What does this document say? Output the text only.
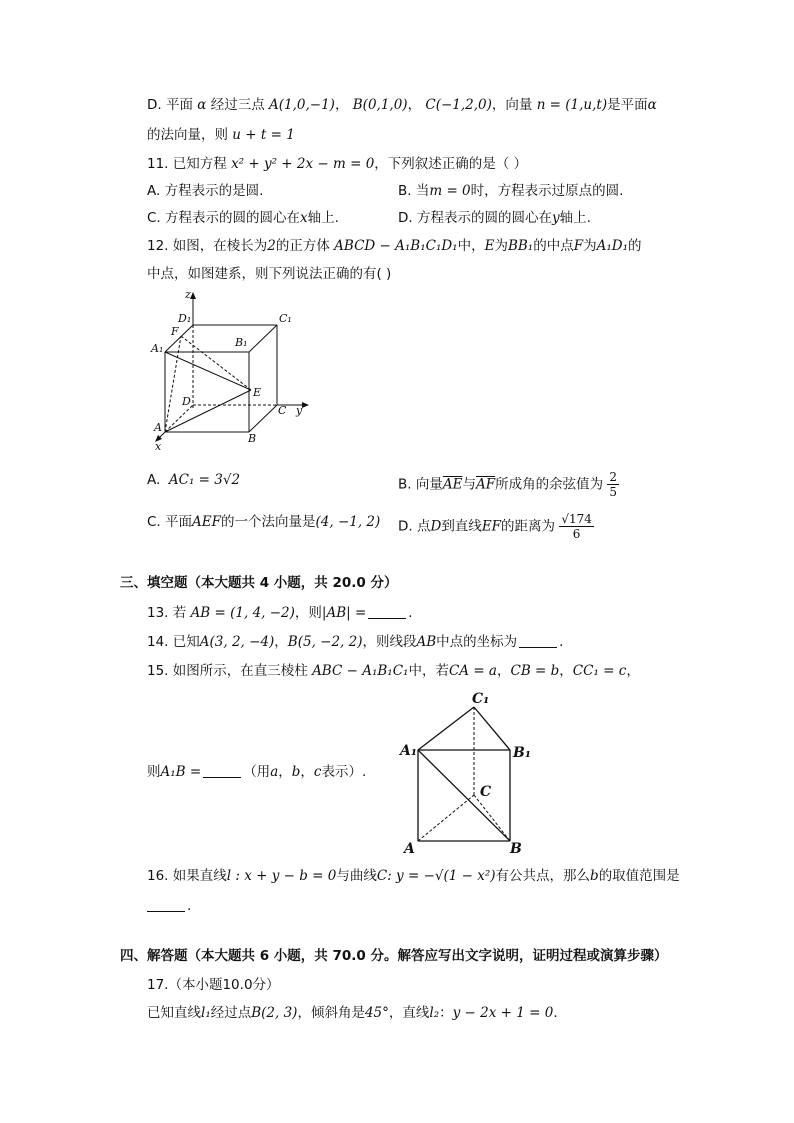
D. 平面 α 经过三点 A(1,0,−1)， B(0,1,0)， C(−1,2,0)，向量 n = (1,u,t)是平面α
的法向量，则 u + t = 1
11. 已知方程 x² + y² + 2x − m = 0，下列叙述正确的是（ ）
A. 方程表示的是圆.	B. 当m = 0时，方程表示过原点的圆.
C. 方程表示的圆的圆心在x轴上.	D. 方程表示的圆的圆心在y轴上.
12. 如图，在棱长为2的正方体 ABCD − A₁B₁C₁D₁中，E为BB₁的中点F为A₁D₁的
中点，如图建系，则下列说法正确的有( )
z
D₁	C₁
F
A₁	B₁
E
D
C y
A
B
x
A. AC₁ = 3√2	B. 向量$\overline{AE}$与$\overline{AF}$所成角的余弦值为 $\frac{2}{5}$
C. 平面AEF的一个法向量是(4, −1, 2) D. 点D到直线EF的距离为 $\frac{√174}{6}$
三、填空题（本大题共 4 小题，共 20.0 分）
13. 若 AB = (1, 4, −2)，则|AB| =	.
14. 已知A(3, 2, −4)，B(5, −2, 2)，则线段AB中点的坐标为	.
15. 如图所示，在直三棱柱 ABC − A₁B₁C₁中，若CA = a，CB = b，CC₁ = c，
C₁
A₁	B₁
C
A	B
则A₁B =	（用a，b，c表示）.
16. 如果直线l : x + y − b = 0与曲线C: y = −√(1 − x²)有公共点，那么b的取值范围是
.
四、解答题（本大题共 6 小题，共 70.0 分。解答应写出文字说明，证明过程或演算步骤）
17.（本小题10.0分）
已知直线l₁经过点B(2, 3)，倾斜角是45°，直线l₂：y − 2x + 1 = 0.
